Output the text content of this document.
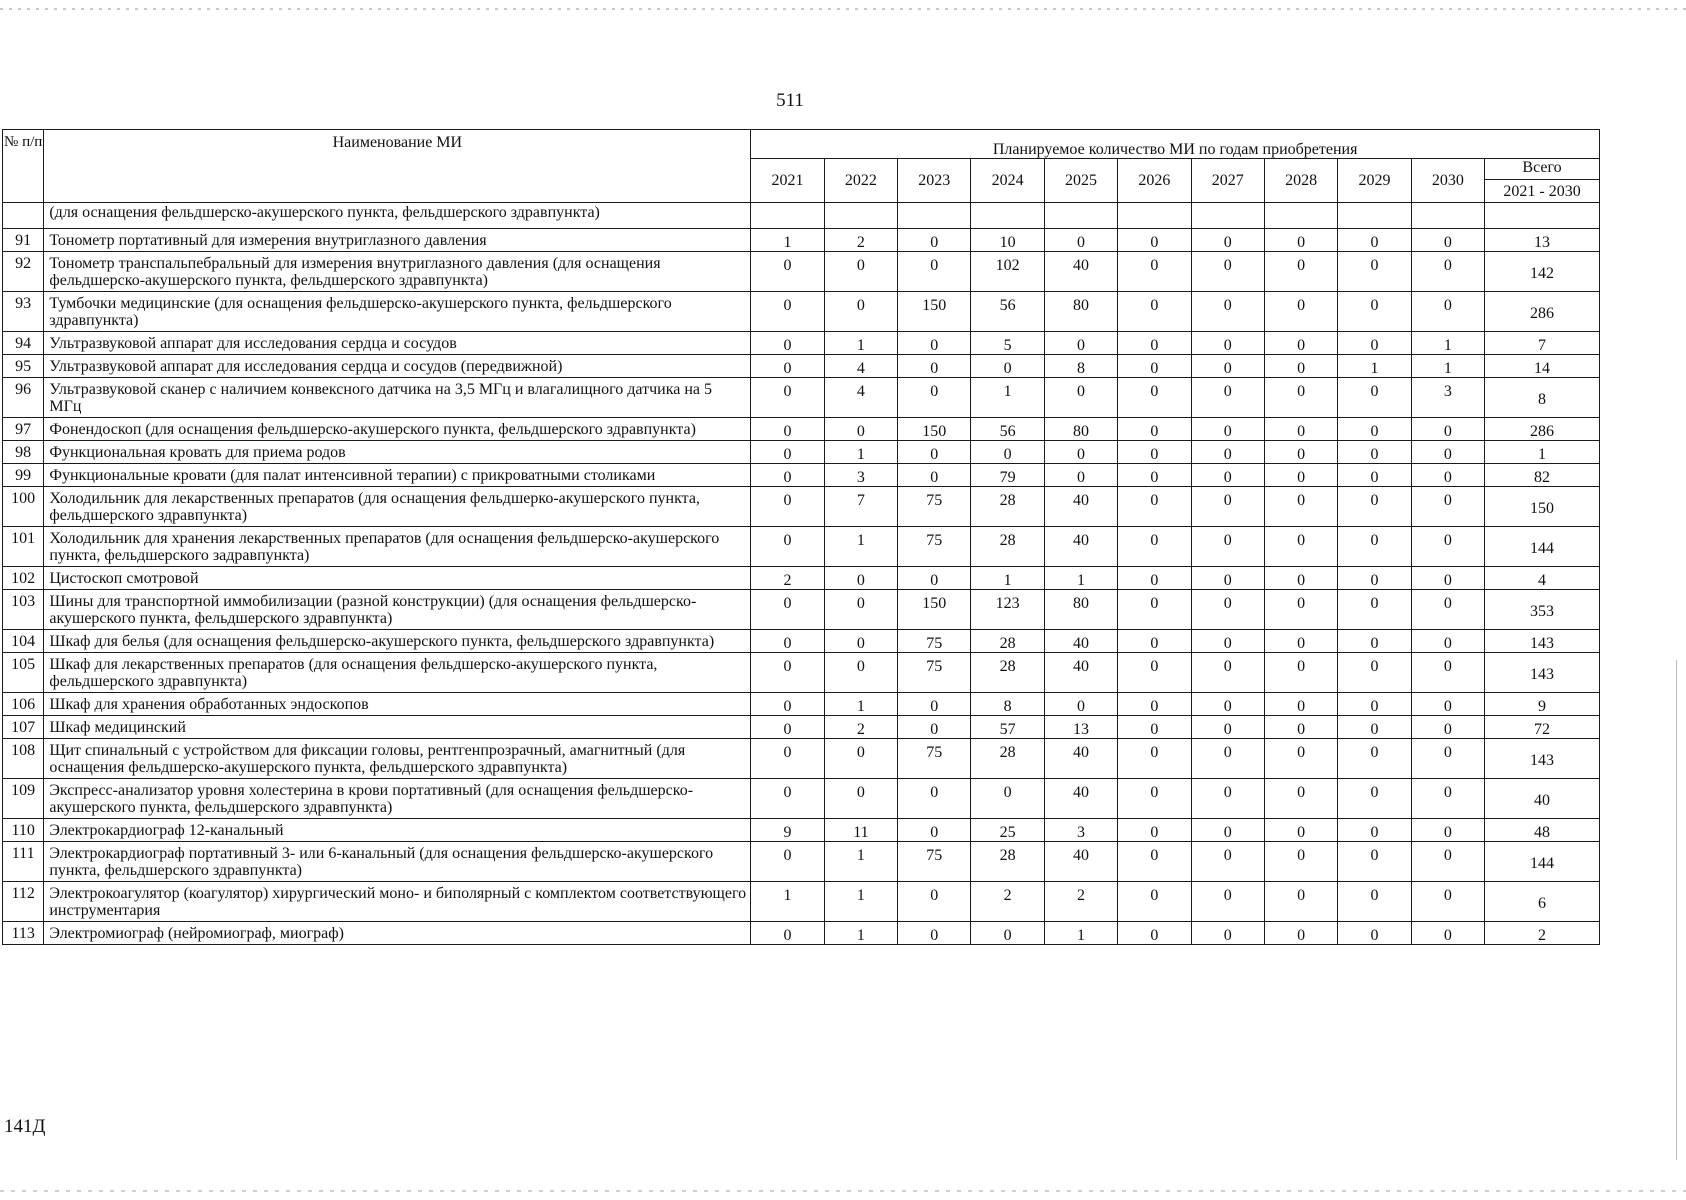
511
№ п/п	Наименование МИ	Планируемое количество МИ по годам приобретения										
		2021	2022	2023	2024	2025	2026	2027	2028	2029	2030	Всего
												2021 - 2030
	(для оснащения фельдшерско-акушерского пункта, фельдшерского здравпункта)											
91	Тонометр портативный для измерения внутриглазного давления	1	2	0	10	0	0	0	0	0	0	13
92	Тонометр транспальпебральный для измерения внутриглазного давления (для оснащения фельдшерско-акушерского пункта, фельдшерского здравпункта)	0	0	0	102	40	0	0	0	0	0	142
93	Тумбочки медицинские (для оснащения фельдшерско-акушерского пункта, фельдшерского здравпункта)	0	0	150	56	80	0	0	0	0	0	286
94	Ультразвуковой аппарат для исследования сердца и сосудов	0	1	0	5	0	0	0	0	0	1	7
95	Ультразвуковой аппарат для исследования сердца и сосудов (передвижной)	0	4	0	0	8	0	0	0	1	1	14
96	Ультразвуковой сканер с наличием конвексного датчика на 3,5 МГц и влагалищного датчика на 5 МГц	0	4	0	1	0	0	0	0	0	3	8
97	Фонендоскоп (для оснащения фельдшерско-акушерского пункта, фельдшерского здравпункта)	0	0	150	56	80	0	0	0	0	0	286
98	Функциональная кровать для приема родов	0	1	0	0	0	0	0	0	0	0	1
99	Функциональные кровати (для палат интенсивной терапии) с прикроватными столиками	0	3	0	79	0	0	0	0	0	0	82
100	Холодильник для лекарственных препаратов (для оснащения фельдшерко-акушерского пункта, фельдшерского здравпункта)	0	7	75	28	40	0	0	0	0	0	150
101	Холодильник для хранения лекарственных препаратов (для оснащения фельдшерско-акушерского пункта, фельдшерского задравпункта)	0	1	75	28	40	0	0	0	0	0	144
102	Цистоскоп смотровой	2	0	0	1	1	0	0	0	0	0	4
103	Шины для транспортной иммобилизации (разной конструкции) (для оснащения фельдшерско-акушерского пункта, фельдшерского здравпункта)	0	0	150	123	80	0	0	0	0	0	353
104	Шкаф для белья (для оснащения фельдшерско-акушерского пункта, фельдшерского здравпункта)	0	0	75	28	40	0	0	0	0	0	143
105	Шкаф для лекарственных препаратов (для оснащения фельдшерско-акушерского пункта, фельдшерского здравпункта)	0	0	75	28	40	0	0	0	0	0	143
106	Шкаф для хранения обработанных эндоскопов	0	1	0	8	0	0	0	0	0	0	9
107	Шкаф медицинский	0	2	0	57	13	0	0	0	0	0	72
108	Щит спинальный с устройством для фиксации головы, рентгенпрозрачный, амагнитный (для оснащения фельдшерско-акушерского пункта, фельдшерского здравпункта)	0	0	75	28	40	0	0	0	0	0	143
109	Экспресс-анализатор уровня холестерина в крови портативный (для оснащения фельдшерско-акушерского пункта, фельдшерского здравпункта)	0	0	0	0	40	0	0	0	0	0	40
110	Электрокардиограф 12-канальный	9	11	0	25	3	0	0	0	0	0	48
111	Электрокардиограф портативный 3- или 6-канальный (для оснащения фельдшерско-акушерского пункта, фельдшерского здравпункта)	0	1	75	28	40	0	0	0	0	0	144
112	Электрокоагулятор (коагулятор) хирургический моно- и биполярный с комплектом соответствующего инструментария	1	1	0	2	2	0	0	0	0	0	6
113	Электромиограф (нейромиограф, миограф)	0	1	0	0	1	0	0	0	0	0	2
141Д
